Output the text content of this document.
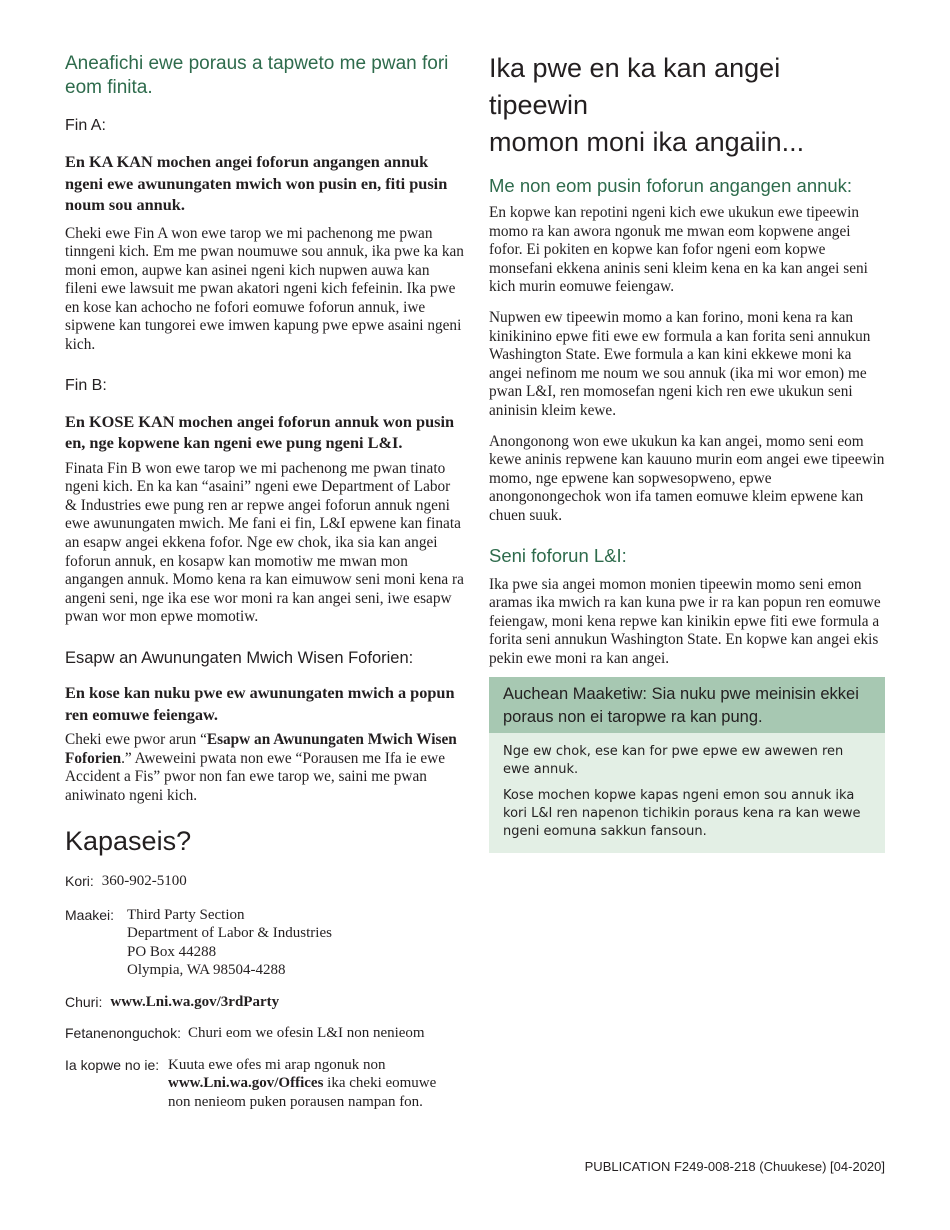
Aneafichi ewe poraus a tapweto me pwan fori eom finita.

Fin A:

En KA KAN mochen angei foforun angangen annuk ngeni ewe awunungaten mwich won pusin en, fiti pusin noum sou annuk.

Cheki ewe Fin A won ewe tarop we mi pachenong me pwan tinngeni kich. Em me pwan noumuwe sou annuk, ika pwe ka kan moni emon, aupwe kan asinei ngeni kich nupwen auwa kan fileni ewe lawsuit me pwan akatori ngeni kich fefeinin. Ika pwe en kose kan achocho ne fofori eomuwe foforun annuk, iwe sipwene kan tungorei ewe imwen kapung pwe epwe asaini ngeni kich.

Fin B:

En KOSE KAN mochen angei foforun annuk won pusin en, nge kopwene kan ngeni ewe pung ngeni L&I.

Finata Fin B won ewe tarop we mi pachenong me pwan tinato ngeni kich. En ka kan “asaini” ngeni ewe Department of Labor & Industries ewe pung ren ar repwe angei foforun annuk ngeni ewe awunungaten mwich. Me fani ei fin, L&I epwene kan finata an esapw angei ekkena fofor. Nge ew chok, ika sia kan angei foforun annuk, en kosapw kan momotiw me mwan mon angangen annuk. Momo kena ra kan eimuwow seni moni kena ra angeni seni, nge ika ese wor moni ra kan angei seni, iwe esapw pwan wor mon epwe momotiw.

Esapw an Awunungaten Mwich Wisen Foforien:

En kose kan nuku pwe ew awunungaten mwich a popun ren eomuwe feiengaw.

Cheki ewe pwor arun “Esapw an Awunungaten Mwich Wisen Foforien.” Aweweini pwata non ewe “Porausen me Ifa ie ewe Accident a Fis” pwor non fan ewe tarop we, saini me pwan aniwinato ngeni kich.

Kapaseis?
Kori: 360-902-5100
Maakei: Third Party Section
Department of Labor & Industries
PO Box 44288
Olympia, WA 98504-4288
Churi: www.Lni.wa.gov/3rdParty
Fetanenonguchok: Churi eom we ofesin L&I non nenieom
Ia kopwe no ie: Kuuta ewe ofes mi arap ngonuk non www.Lni.wa.gov/Offices ika cheki eomuwe non nenieom puken porausen nampan fon.
Ika pwe en ka kan angei tipeewin
momon moni ika angaiin...
Me non eom pusin foforun angangen annuk:

En kopwe kan repotini ngeni kich ewe ukukun ewe tipeewin momo ra kan awora ngonuk me mwan eom kopwene angei fofor. Ei pokiten en kopwe kan fofor ngeni eom kopwe monsefani ekkena aninis seni kleim kena en ka kan angei seni kich murin eomuwe feiengaw.

Nupwen ew tipeewin momo a kan forino, moni kena ra kan kinikinino epwe fiti ewe ew formula a kan forita seni annukun Washington State. Ewe formula a kan kini ekkewe moni ka angei nefinom me noum we sou annuk (ika mi wor emon) me pwan L&I, ren momosefan ngeni kich ren ewe ukukun seni aninisin kleim kewe.

Anongonong won ewe ukukun ka kan angei, momo seni eom kewe aninis repwene kan kauuno murin eom angei ewe tipeewin momo, nge epwene kan sopwesopweno, epwe anongonongechok won ifa tamen eomuwe kleim epwene kan chuen suuk.

Seni foforun L&I:

Ika pwe sia angei momon monien tipeewin momo seni emon aramas ika mwich ra kan kuna pwe ir ra kan popun ren eomuwe feiengaw, moni kena repwe kan kinikin epwe fiti ewe formula a forita seni annukun Washington State. En kopwe kan angei ekis pekin ewe moni ra kan angei.

Auchean Maaketiw: Sia nuku pwe meinisin ekkei poraus non ei taropwe ra kan pung.

Nge ew chok, ese kan for pwe epwe ew awewen ren ewe annuk.

Kose mochen kopwe kapas ngeni emon sou annuk ika kori L&I ren napenon tichikin poraus kena ra kan wewe ngeni eomuna sakkun fansoun.

PUBLICATION F249-008-218 (Chuukese) [04-2020]
